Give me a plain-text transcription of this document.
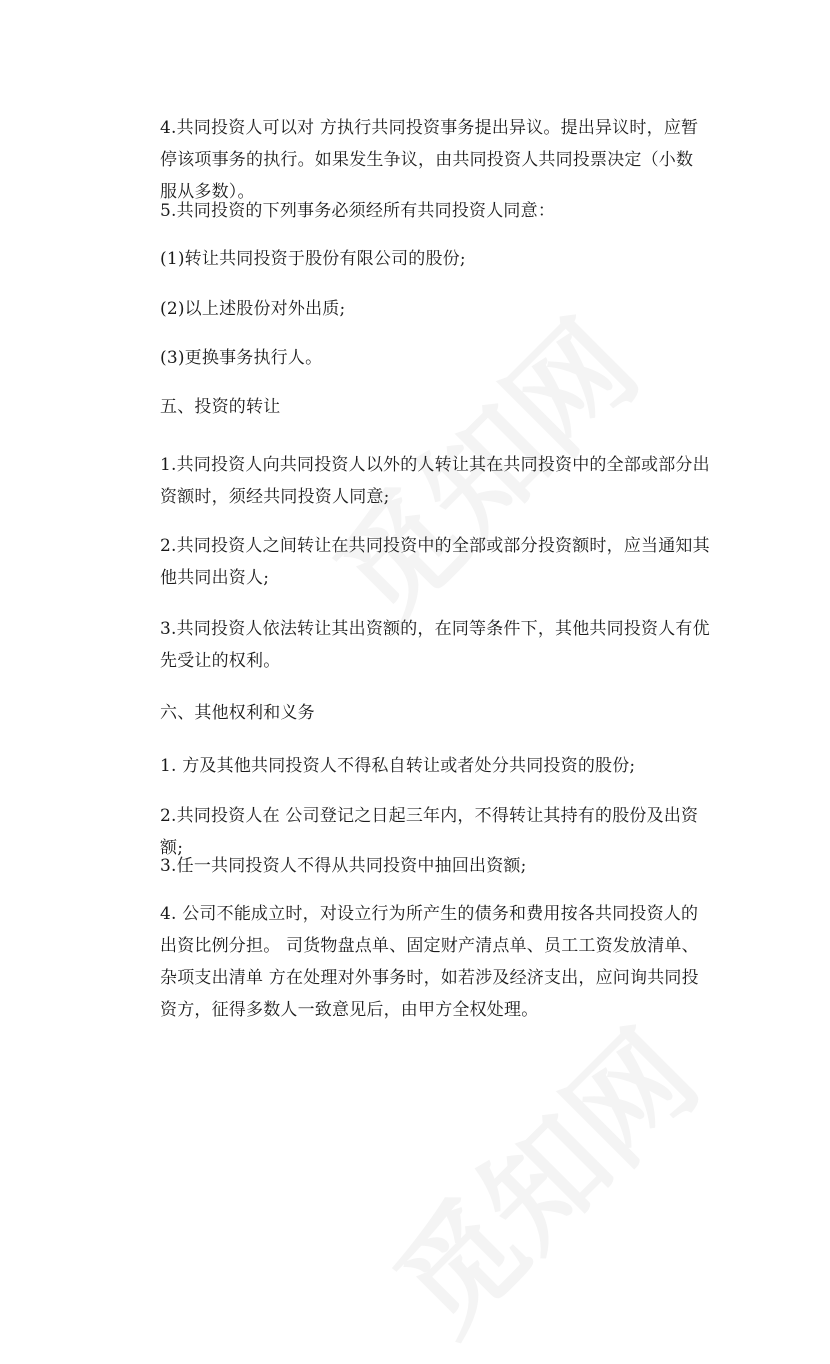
4.共同投资人可以对 方执行共同投资事务提出异议。提出异议时，应暂停该项事务的执行。如果发生争议，由共同投资人共同投票决定（小数服从多数）。

5.共同投资的下列事务必须经所有共同投资人同意：

(1)转让共同投资于股份有限公司的股份;

(2)以上述股份对外出质;

(3)更换事务执行人。

五、投资的转让

1.共同投资人向共同投资人以外的人转让其在共同投资中的全部或部分出资额时，须经共同投资人同意;

2.共同投资人之间转让在共同投资中的全部或部分投资额时，应当通知其他共同出资人;

3.共同投资人依法转让其出资额的，在同等条件下，其他共同投资人有优先受让的权利。

六、其他权利和义务

1. 方及其他共同投资人不得私自转让或者处分共同投资的股份;

2.共同投资人在 公司登记之日起三年内，不得转让其持有的股份及出资额;

3.任一共同投资人不得从共同投资中抽回出资额;

4. 公司不能成立时，对设立行为所产生的债务和费用按各共同投资人的出资比例分担。 司货物盘点单、固定财产清点单、员工工资发放清单、杂项支出清单 方在处理对外事务时，如若涉及经济支出，应问询共同投资方，征得多数人一致意见后，由甲方全权处理。
